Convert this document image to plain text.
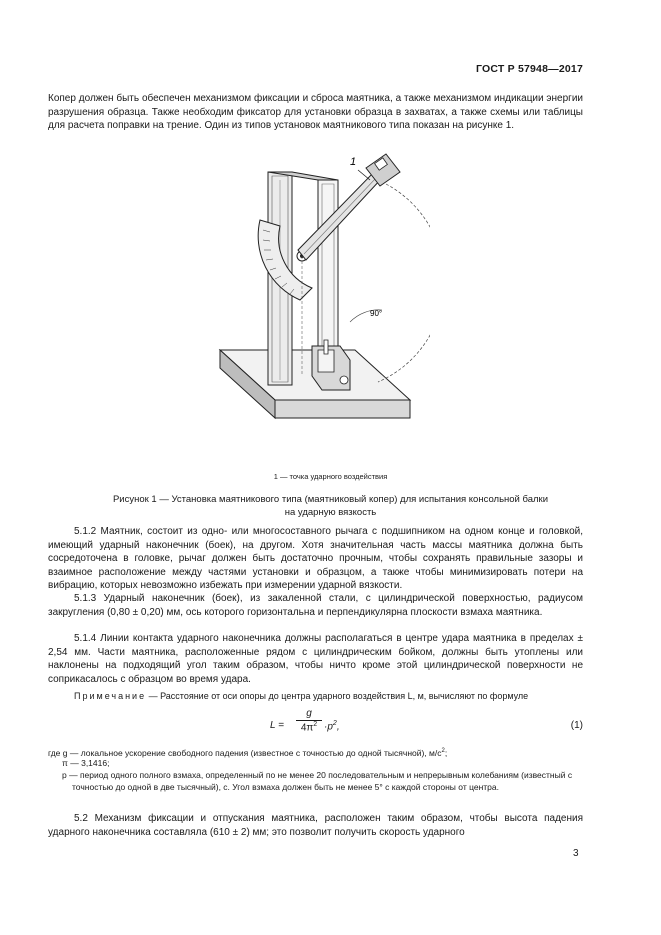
ГОСТ Р 57948—2017
Копер должен быть обеспечен механизмом фиксации и сброса маятника, а также механизмом индикации энергии разрушения образца. Также необходим фиксатор для установки образца в захватах, а также схемы или таблицы для расчета поправки на трение. Один из типов установок маятникового типа показан на рисунке 1.
1
90°
1 — точка ударного воздействия
Рисунок 1 — Установка маятникового типа (маятниковый копер) для испытания консольной балки
на ударную вязкость
5.1.2 Маятник, состоит из одно- или многосоставного рычага с подшипником на одном конце и головкой, имеющий ударный наконечник (боек), на другом. Хотя значительная часть массы маятника должна быть сосредоточена в головке, рычаг должен быть достаточно прочным, чтобы сохранять правильные зазоры и взаимное расположение между частями установки и образцом, а также чтобы минимизировать потери на вибрацию, которых невозможно избежать при измерении ударной вязкости.
5.1.3 Ударный наконечник (боек), из закаленной стали, с цилиндрической поверхностью, радиусом закругления (0,80 ± 0,20) мм, ось которого горизонтальна и перпендикулярна плоскости взмаха маятника.
5.1.4 Линии контакта ударного наконечника должны располагаться в центре удара маятника в пределах ± 2,54 мм. Части маятника, расположенные рядом с цилиндрическим бойком, должны быть утоплены или наклонены на подходящий угол таким образом, чтобы ничто кроме этой цилиндрической поверхности не соприкасалось с образцом во время удара.
Примечание — Расстояние от оси опоры до центра ударного воздействия L, м, вычисляют по формуле
$L = \frac{g}{4\pi^2} \cdot p^2$,	(1)
где g — локальное ускорение свободного падения (известное с точностью до одной тысячной), $м/с^2$;
π — 3,1416;
p — период одного полного взмаха, определенный по не менее 20 последовательным и непрерывным колебаниям (известный с точностью до одной в две тысячный), с. Угол взмаха должен быть не менее 5° с каждой стороны от центра.
5.2 Механизм фиксации и отпускания маятника, расположен таким образом, чтобы высота падения ударного наконечника составляла (610 ± 2) мм; это позволит получить скорость ударного
3
